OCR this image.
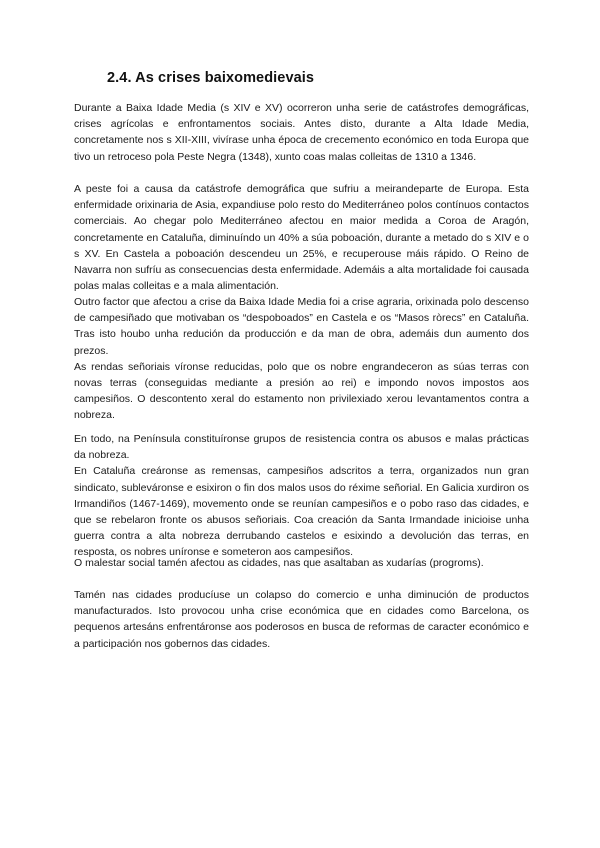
2.4. As crises baixomedievais
Durante a Baixa Idade Media (s XIV e XV) ocorreron unha serie de catástrofes demográficas, crises agrícolas e enfrontamentos sociais. Antes disto, durante a Alta Idade Media, concretamente nos s XII-XIII, vivírase unha época de crecemento económico en toda Europa que tivo un retroceso pola Peste Negra (1348), xunto coas malas colleitas de 1310 a 1346.
A peste foi a causa da catástrofe demográfica que sufriu a meirandeparte de Europa. Esta enfermidade orixinaria de Asia, expandiuse polo resto do Mediterráneo polos contínuos contactos comerciais. Ao chegar polo Mediterráneo afectou en maior medida a Coroa de Aragón, concretamente en Cataluña, diminuíndo un 40% a súa poboación, durante a metado do s XIV e o s XV. En Castela a poboación descendeu un 25%, e recuperouse máis rápido. O Reino de Navarra non sufríu as consecuencias desta enfermidade. Ademáis a alta mortalidade foi causada polas malas colleitas e a mala alimentación.
Outro factor que afectou a crise da Baixa Idade Media foi a crise agraria, orixinada polo descenso de campesiñado que motivaban os “despoboados” en Castela e os “Masos ròrecs” en Cataluña. Tras isto houbo unha redución da producción e da man de obra, ademáis dun aumento dos prezos.
As rendas señoriais víronse reducidas, polo que os nobre engrandeceron as súas terras con novas terras (conseguidas mediante a presión ao rei) e impondo novos impostos aos campesiños. O descontento xeral do estamento non privilexiado xerou levantamentos contra a nobreza.
En todo, na Península constituíronse grupos de resistencia contra os abusos e malas prácticas da nobreza.
En Cataluña creáronse as remensas, campesiños adscritos a terra, organizados nun gran sindicato, subleváronse e esixiron o fin dos malos usos do réxime señorial. En Galicia xurdiron os Irmandiños (1467-1469), movemento onde se reunían campesiños e o pobo raso das cidades, e que se rebelaron fronte os abusos señoriais. Coa creación da Santa Irmandade inicioise unha guerra contra a alta nobreza derrubando castelos e esixindo a devolución das terras, en resposta, os nobres uníronse e someteron aos campesiños.
O malestar social tamén afectou as cidades, nas que asaltaban as xudarías (progroms).
Tamén nas cidades producíuse un colapso do comercio e unha diminución de productos manufacturados. Isto provocou unha crise económica que en cidades como Barcelona, os pequenos artesáns enfrentáronse aos poderosos en busca de reformas de caracter económico e a participación nos gobernos das cidades.
